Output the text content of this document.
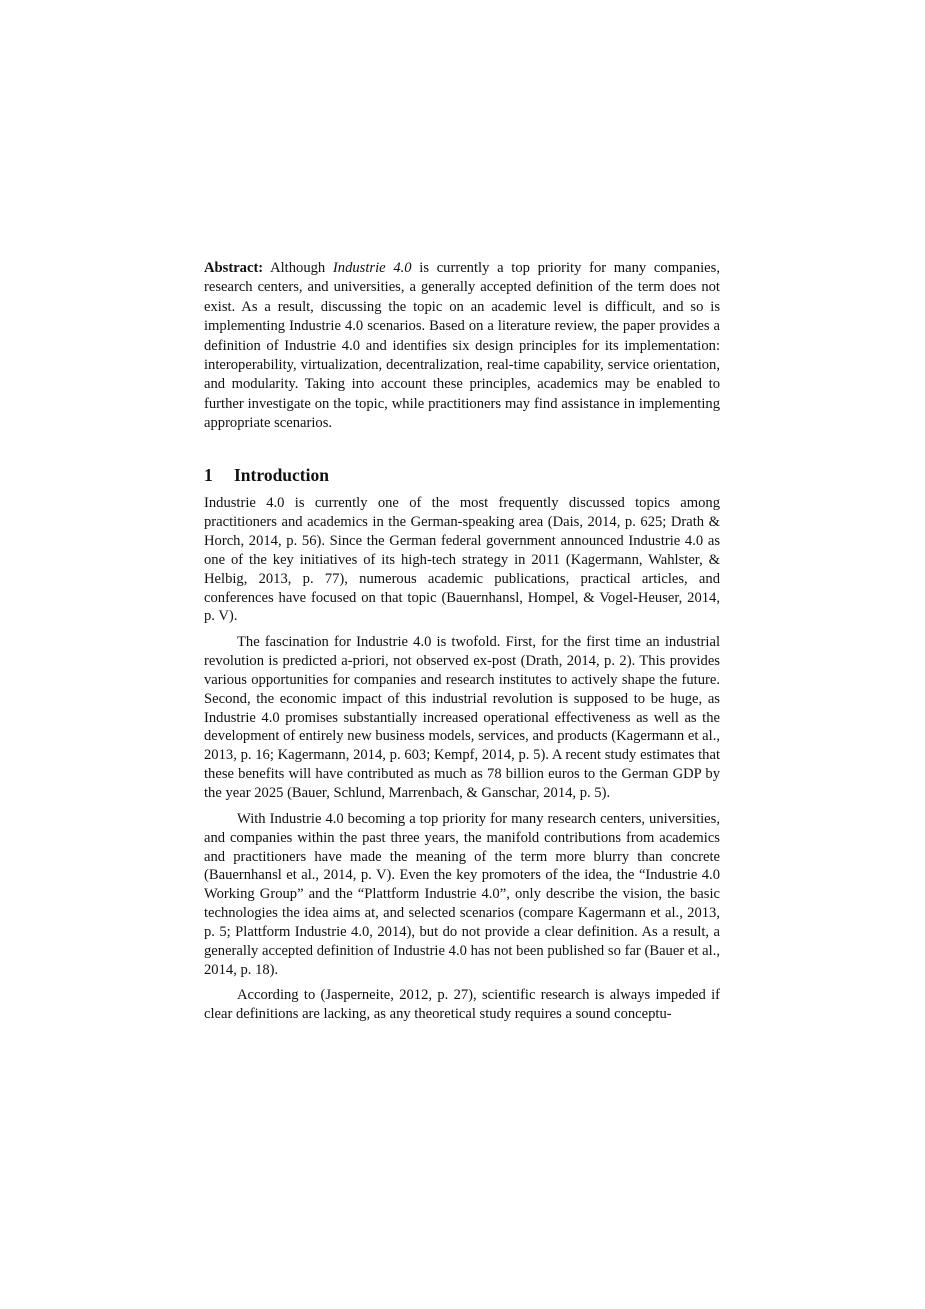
Abstract: Although Industrie 4.0 is currently a top priority for many companies, research centers, and universities, a generally accepted definition of the term does not exist. As a result, discussing the topic on an academic level is difficult, and so is implementing Industrie 4.0 scenarios. Based on a literature review, the paper provides a definition of Industrie 4.0 and identifies six design principles for its implementation: interoperability, virtualization, decentralization, real-time capability, service orientation, and modularity. Taking into account these principles, academics may be enabled to further investigate on the topic, while practitioners may find assistance in implementing appropriate scenarios.

1 Introduction

Industrie 4.0 is currently one of the most frequently discussed topics among practitioners and academics in the German-speaking area (Dais, 2014, p. 625; Drath & Horch, 2014, p. 56). Since the German federal government announced Industrie 4.0 as one of the key initiatives of its high-tech strategy in 2011 (Kagermann, Wahlster, & Helbig, 2013, p. 77), numerous academic publications, practical articles, and conferences have focused on that topic (Bauernhansl, Hompel, & Vogel-Heuser, 2014, p. V).

The fascination for Industrie 4.0 is twofold. First, for the first time an industrial revolution is predicted a-priori, not observed ex-post (Drath, 2014, p. 2). This provides various opportunities for companies and research institutes to actively shape the future. Second, the economic impact of this industrial revolution is supposed to be huge, as Industrie 4.0 promises substantially increased operational effectiveness as well as the development of entirely new business models, services, and products (Kagermann et al., 2013, p. 16; Kagermann, 2014, p. 603; Kempf, 2014, p. 5). A recent study estimates that these benefits will have contributed as much as 78 billion euros to the German GDP by the year 2025 (Bauer, Schlund, Marrenbach, & Ganschar, 2014, p. 5).

With Industrie 4.0 becoming a top priority for many research centers, universities, and companies within the past three years, the manifold contributions from academics and practitioners have made the meaning of the term more blurry than concrete (Bauernhansl et al., 2014, p. V). Even the key promoters of the idea, the “Industrie 4.0 Working Group” and the “Plattform Industrie 4.0”, only describe the vision, the basic technologies the idea aims at, and selected scenarios (compare Kagermann et al., 2013, p. 5; Plattform Industrie 4.0, 2014), but do not provide a clear definition. As a result, a generally accepted definition of Industrie 4.0 has not been published so far (Bauer et al., 2014, p. 18).

According to (Jasperneite, 2012, p. 27), scientific research is always impeded if clear definitions are lacking, as any theoretical study requires a sound conceptu-
